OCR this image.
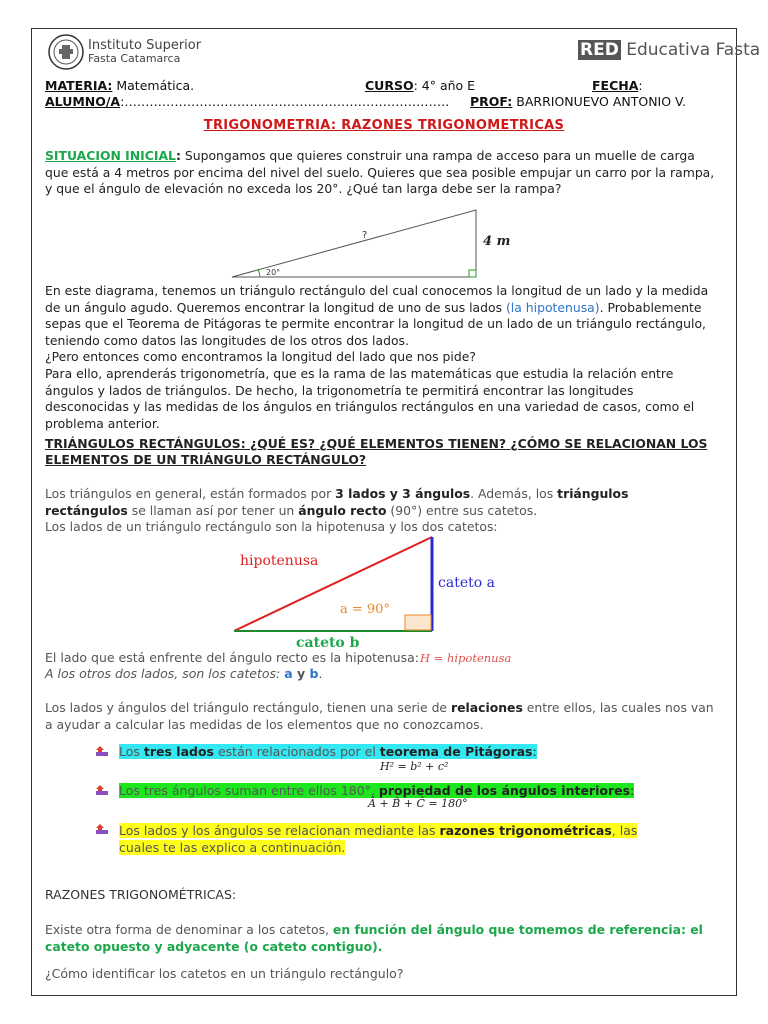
Instituto Superior
Fasta Catamarca	RED Educativa Fasta
MATERIA: Matemática.	CURSO: 4° año E	FECHA:
ALUMNO/A:…………………………………………………………………… PROF: BARRIONUEVO ANTONIO V.
TRIGONOMETRIA: RAZONES TRIGONOMETRICAS

SITUACION INICIAL: Supongamos que quieres construir una rampa de acceso para un muelle de carga que está a 4 metros por encima del nivel del suelo. Quieres que sea posible empujar un carro por la rampa, y que el ángulo de elevación no exceda los 20°. ¿Qué tan larga debe ser la rampa?

?
20°
4 m

En este diagrama, tenemos un triángulo rectángulo del cual conocemos la longitud de un lado y la medida de un ángulo agudo. Queremos encontrar la longitud de uno de sus lados (la hipotenusa). Probablemente sepas que el Teorema de Pitágoras te permite encontrar la longitud de un lado de un triángulo rectángulo, teniendo como datos las longitudes de los otros dos lados.

¿Pero entonces como encontramos la longitud del lado que nos pide?

Para ello, aprenderás trigonometría, que es la rama de las matemáticas que estudia la relación entre ángulos y lados de triángulos. De hecho, la trigonometría te permitirá encontrar las longitudes desconocidas y las medidas de los ángulos en triángulos rectángulos en una variedad de casos, como el problema anterior.

TRIÁNGULOS RECTÁNGULOS: ¿QUÉ ES? ¿QUÉ ELEMENTOS TIENEN? ¿CÓMO SE RELACIONAN LOS
ELEMENTOS DE UN TRIÁNGULO RECTÁNGULO?

Los triángulos en general, están formados por 3 lados y 3 ángulos. Además, los triángulos rectángulos se llaman así por tener un ángulo recto (90°) entre sus catetos.

Los lados de un triángulo rectángulo son la hipotenusa y los dos catetos:

hipotenusa
cateto a
cateto b
a = 90°
El lado que está enfrente del ángulo recto es la hipotenusa: H = hipotenusa
A los otros dos lados, son los catetos: a y b.

Los lados y ángulos del triángulo rectángulo, tienen una serie de relaciones entre ellos, las cuales nos van a ayudar a calcular las medidas de los elementos que no conozcamos.

Los tres lados están relacionados por el teorema de Pitágoras:
H² = b² + c²
Los tres ángulos suman entre ellos 180°, propiedad de los ángulos interiores:
Â + B̂ + Ĉ = 180°
Los lados y los ángulos se relacionan mediante las razones trigonométricas, las cuales te las explico a continuación.
RAZONES TRIGONOMÉTRICAS:

Existe otra forma de denominar a los catetos, en función del ángulo que tomemos de referencia: el cateto opuesto y adyacente (o cateto contiguo).

¿Cómo identificar los catetos en un triángulo rectángulo?
